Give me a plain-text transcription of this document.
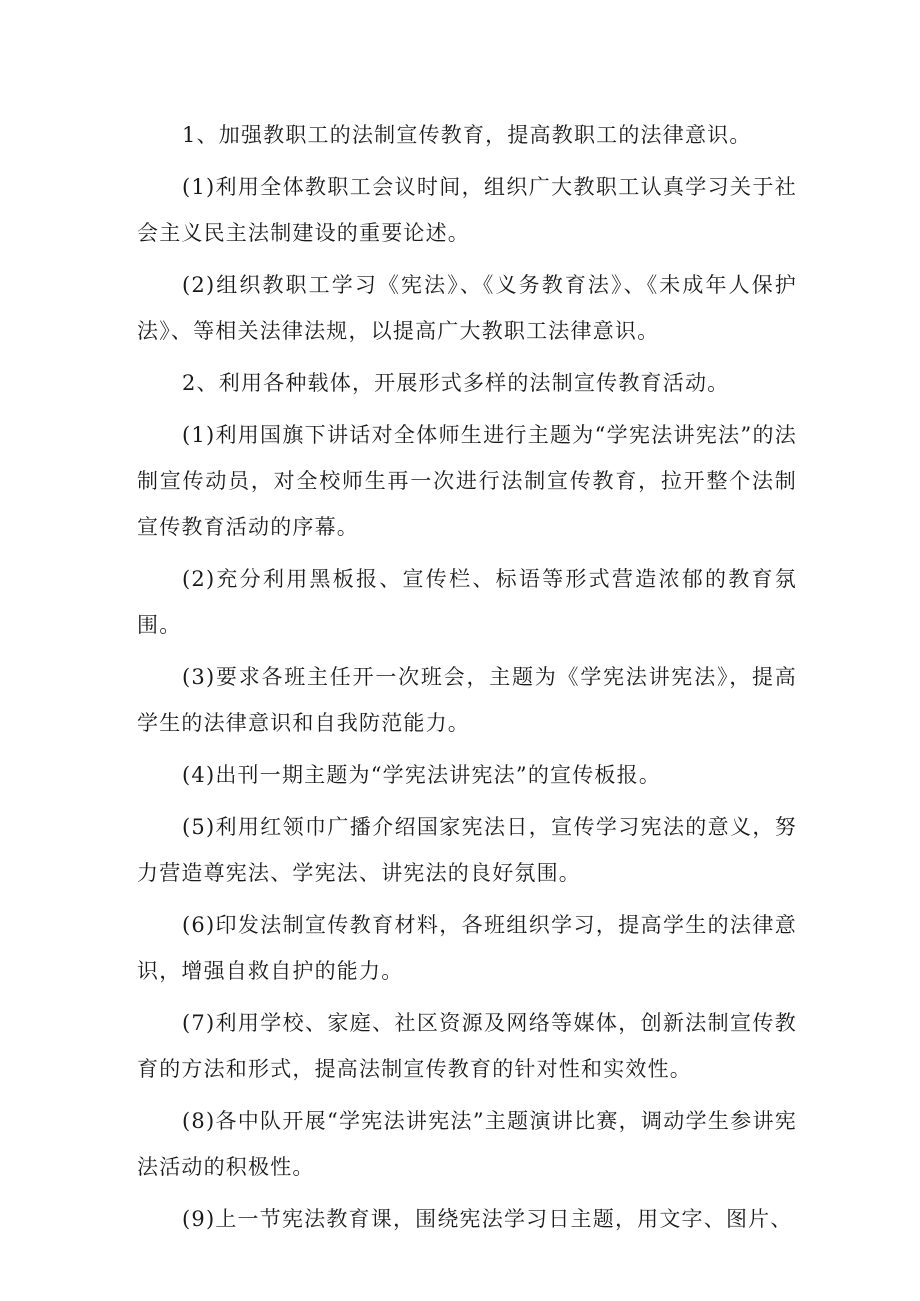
1、加强教职工的法制宣传教育，提高教职工的法律意识。

(1)利用全体教职工会议时间，组织广大教职工认真学习关于社会主义民主法制建设的重要论述。

(2)组织教职工学习《宪法》、《义务教育法》、《未成年人保护法》、等相关法律法规，以提高广大教职工法律意识。

2、利用各种载体，开展形式多样的法制宣传教育活动。

(1)利用国旗下讲话对全体师生进行主题为“学宪法讲宪法”的法制宣传动员，对全校师生再一次进行法制宣传教育，拉开整个法制宣传教育活动的序幕。

(2)充分利用黑板报、宣传栏、标语等形式营造浓郁的教育氛围。

(3)要求各班主任开一次班会，主题为《学宪法讲宪法》，提高学生的法律意识和自我防范能力。

(4)出刊一期主题为“学宪法讲宪法”的宣传板报。

(5)利用红领巾广播介绍国家宪法日，宣传学习宪法的意义，努力营造尊宪法、学宪法、讲宪法的良好氛围。

(6)印发法制宣传教育材料，各班组织学习，提高学生的法律意识，增强自救自护的能力。

(7)利用学校、家庭、社区资源及网络等媒体，创新法制宣传教育的方法和形式，提高法制宣传教育的针对性和实效性。

(8)各中队开展“学宪法讲宪法”主题演讲比赛，调动学生参讲宪法活动的积极性。

(9)上一节宪法教育课，围绕宪法学习日主题，用文字、图片、
